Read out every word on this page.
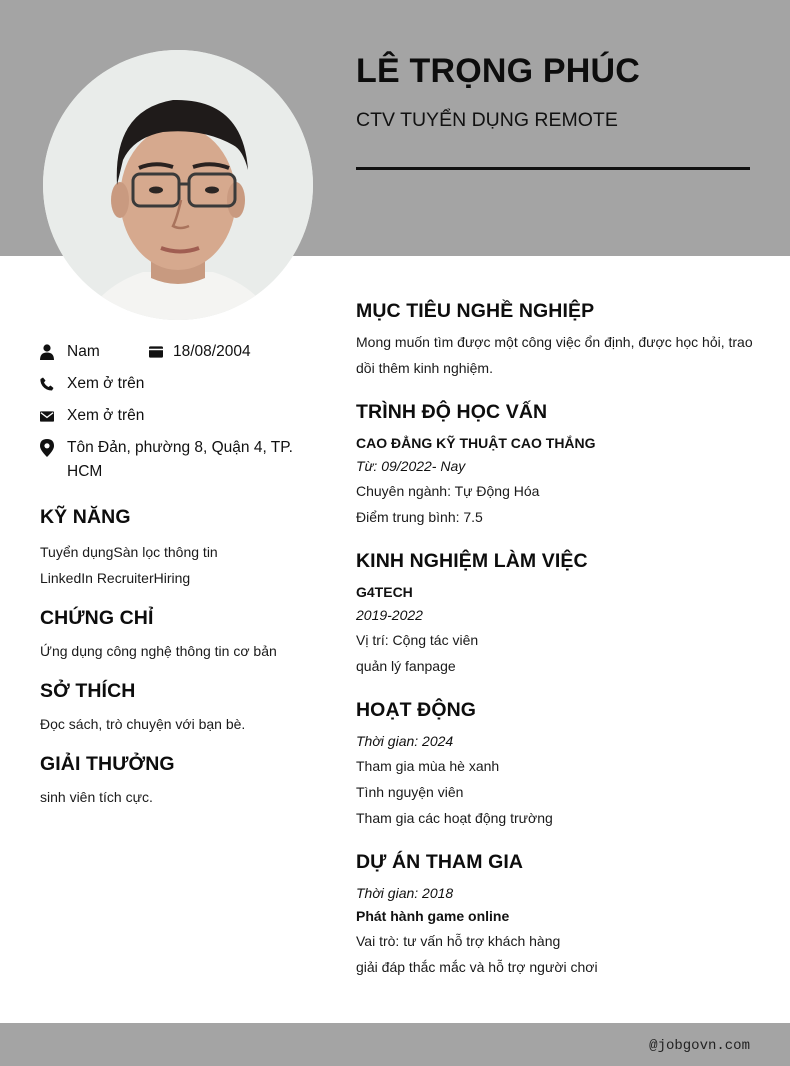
LÊ TRỌNG PHÚC
CTV TUYỂN DỤNG REMOTE
Nam	18/08/2004
Xem ở trên
Xem ở trên
Tôn Đản, phường 8, Quận 4, TP. HCM
KỸ NĂNG
Tuyển dụngSàn lọc thông tin
LinkedIn RecruiterHiring
CHỨNG CHỈ
Ứng dụng công nghệ thông tin cơ bản
SỞ THÍCH
Đọc sách, trò chuyện với bạn bè.
GIẢI THƯỞNG
sinh viên tích cực.
MỤC TIÊU NGHỀ NGHIỆP
Mong muốn tìm được một công việc ổn định, được học hỏi, trao dồi thêm kinh nghiệm.
TRÌNH ĐỘ HỌC VẤN
CAO ĐẲNG KỸ THUẬT CAO THẮNG
Từ: 09/2022- Nay
Chuyên ngành: Tự Động Hóa
Điểm trung bình: 7.5
KINH NGHIỆM LÀM VIỆC
G4TECH
2019-2022
Vị trí: Cộng tác viên
quản lý fanpage
HOẠT ĐỘNG
Thời gian: 2024
Tham gia mùa hè xanh
Tình nguyện viên
Tham gia các hoạt động trường
DỰ ÁN THAM GIA
Thời gian: 2018
Phát hành game online
Vai trò: tư vấn hỗ trợ khách hàng
giải đáp thắc mắc và hỗ trợ người chơi
@jobgovn.com
